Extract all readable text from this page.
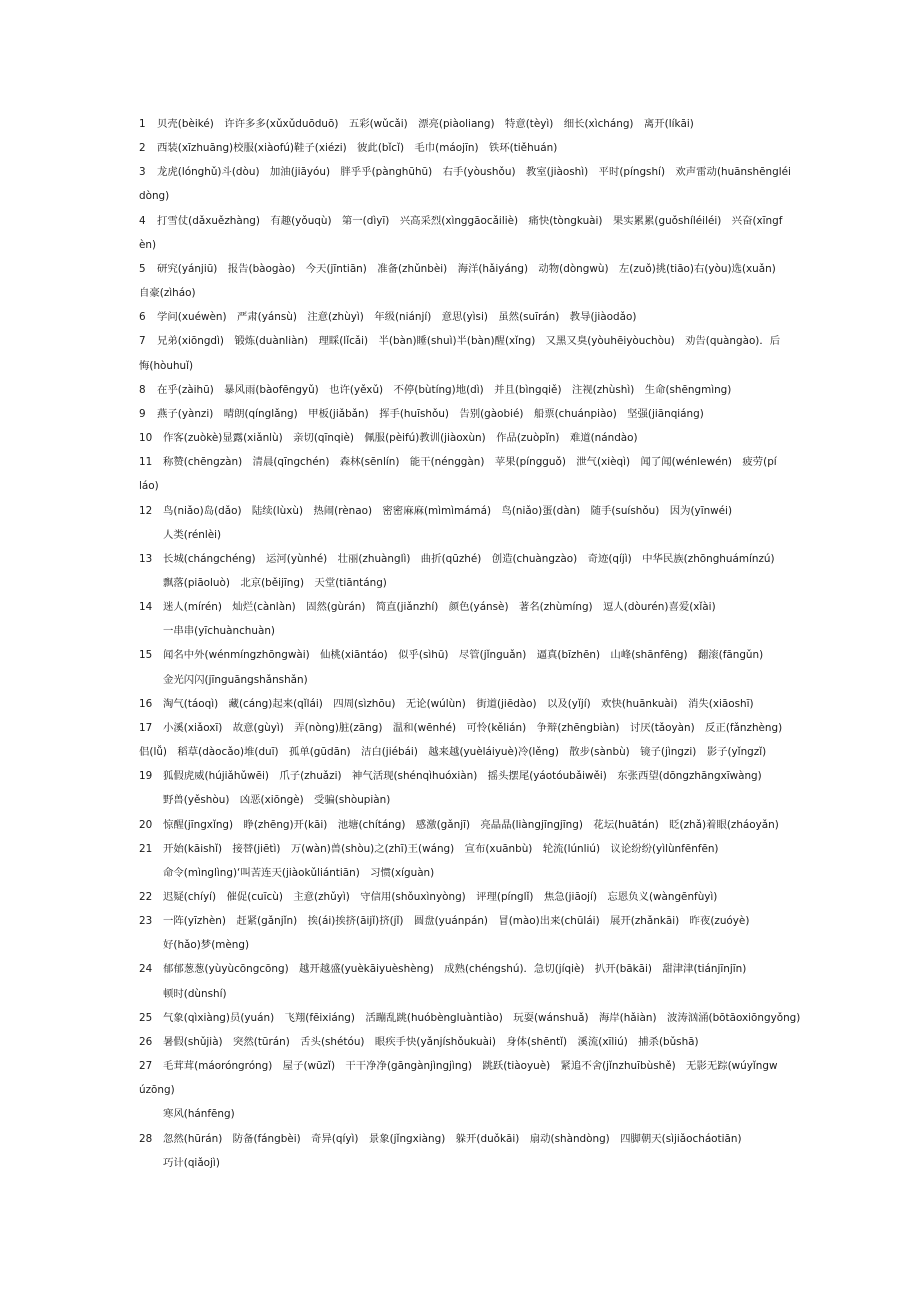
1 贝壳(bèiké)　许许多多(xǔxǔduōduō)　五彩(wǔcǎi)　漂亮(piàoliang)　特意(tèyì)　细长(xìcháng)　离开(líkāi)
2 西装(xīzhuāng)校服(xiàofú)鞋子(xiézi)　彼此(bǐcǐ)　毛巾(máojīn)　铁环(tiěhuán)
3 龙虎(lónghǔ)斗(dòu)　加油(jiāyóu)　胖乎乎(pànghūhū)　右手(yòushǒu)　教室(jiàoshì)　平时(píngshí)　欢声雷动(huānshēngléi
dòng)
4 打雪仗(dǎxuězhàng)　有趣(yǒuqù)　第一(dìyī)　兴高采烈(xìnggāocǎiliè)　痛快(tòngkuài)　果实累累(guǒshíléiléi)　兴奋(xīngf
èn)
5 研究(yánjiū)　报告(bàogào)　今天(jīntiān)　准备(zhǔnbèi)　海洋(hǎiyáng)　动物(dòngwù)　左(zuǒ)挑(tiāo)右(yòu)选(xuǎn)
自豪(zìháo)
6 学问(xuéwèn)　严肃(yánsù)　注意(zhùyì)　年级(niánjí)　意思(yìsi)　虽然(suīrán)　教导(jiàodǎo)
7 兄弟(xiōngdì)　锻炼(duànliàn)　理睬(lǐcǎi)　半(bàn)睡(shuì)半(bàn)醒(xǐng)　又黑又臭(yòuhēiyòuchòu)　劝告(quàngào)．后
悔(hòuhuǐ)
8 在乎(zàihū)　暴风雨(bàofēngyǔ)　也许(yěxǔ)　不停(bùtíng)地(dì)　并且(bìngqiě)　注视(zhùshì)　生命(shēngmìng)
9 燕子(yànzi)　晴朗(qínglǎng)　甲板(jiǎbǎn)　挥手(huīshǒu)　告别(gàobié)　船票(chuánpiào)　坚强(jiānqiáng)
10 作客(zuòkè)显露(xiǎnlù)　亲切(qīnqiè)　佩服(pèifú)教训(jiàoxùn)　作品(zuòpǐn)　难道(nándào)
11 称赞(chēngzàn)　清晨(qīngchén)　森林(sēnlín)　能干(nénggàn)　苹果(píngguǒ)　泄气(xièqì)　闻了闻(wénlewén)　疲劳(pí
láo)
12 鸟(niǎo)岛(dǎo)　陆续(lùxù)　热闹(rènao)　密密麻麻(mìmìmámá)　鸟(niǎo)蛋(dàn)　随手(suíshǒu)　因为(yīnwéi)
人类(rénlèi)
13 长城(chángchéng)　运河(yùnhé)　壮丽(zhuànglì)　曲折(qūzhé)　创造(chuàngzào)　奇迹(qíjì)　中华民族(zhōnghuámínzú)
飘落(piāoluò)　北京(běijīng)　天堂(tiāntáng)
14 迷人(mírén)　灿烂(cànlàn)　固然(gùrán)　简直(jiǎnzhí)　颜色(yánsè)　著名(zhùmíng)　逗人(dòurén)喜爱(xǐài)
一串串(yīchuànchuàn)
15 闻名中外(wénmíngzhōngwài)　仙桃(xiāntáo)　似乎(sìhū)　尽管(jǐnguǎn)　逼真(bīzhēn)　山峰(shānfēng)　翻滚(fāngǔn)
金光闪闪(jīnguāngshǎnshǎn)
16 淘气(táoqì)　藏(cáng)起来(qǐlái)　四周(sìzhōu)　无论(wúlùn)　街道(jiēdào)　以及(yǐjí)　欢快(huānkuài)　消失(xiāoshī)
17 小溪(xiǎoxī)　故意(gùyì)　弄(nòng)脏(zāng)　温和(wēnhé)　可怜(kělián)　争辩(zhēngbiàn)　讨厌(tǎoyàn)　反正(fǎnzhèng)
侣(lǚ)　稻草(dàocǎo)堆(duī)　孤单(gūdān)　洁白(jiébái)　越来越(yuèláiyuè)冷(lěng)　散步(sànbù)　镜子(jìngzi)　影子(yǐngzǐ)
19 狐假虎威(hújiǎhǔwēi)　爪子(zhuǎzi)　神气活现(shénqìhuóxiàn)　摇头摆尾(yáotóubǎiwěi)　东张西望(dōngzhāngxīwàng)
野兽(yěshòu)　凶恶(xiōngè)　受骗(shòupiàn)
20 惊醒(jīngxǐng)　睁(zhēng)开(kāi)　池塘(chítáng)　感激(gǎnjī)　亮晶晶(liàngjīngjīng)　花坛(huātán)　眨(zhǎ)着眼(zháoyǎn)
21 开始(kāishǐ)　接替(jiētì)　万(wàn)兽(shòu)之(zhī)王(wáng)　宣布(xuānbù)　轮流(lúnliú)　议论纷纷(yìlùnfēnfēn)
命令(mìnglìng)‘叫苦连天(jiàokǔliántiān)　习惯(xíguàn)
22 迟疑(chíyí)　催促(cuīcù)　主意(zhǔyì)　守信用(shǒuxìnyòng)　评理(pínglǐ)　焦急(jiāojí)　忘恩负义(wàngēnfùyì)
23 一阵(yīzhèn)　赶紧(gǎnjǐn)　挨(ái)挨挤(āijǐ)挤(jǐ)　圆盘(yuánpán)　冒(mào)出来(chūlái)　展开(zhǎnkāi)　昨夜(zuóyè)
好(hǎo)梦(mèng)
24 郁郁葱葱(yùyùcōngcōng)　越开越盛(yuèkāiyuèshèng)　成熟(chéngshú)．急切(jíqiè)　扒开(bākāi)　甜津津(tiánjīnjīn)
顿时(dùnshí)
25 气象(qìxiàng)员(yuán)　飞翔(fēixiáng)　活蹦乱跳(huóbèngluàntiào)　玩耍(wánshuǎ)　海岸(hǎiàn)　波涛汹涌(bōtāoxiōngyǒng)
26 暑假(shǔjià)　突然(tūrán)　舌头(shétóu)　眼疾手快(yǎnjíshǒukuài)　身体(shēntǐ)　溪流(xīliú)　捕杀(bǔshā)
27 毛茸茸(máoróngróng)　屋子(wūzǐ)　干干净净(gāngànjìngjìng)　跳跃(tiàoyuè)　紧追不舍(jǐnzhuībùshě)　无影无踪(wúyǐngw
úzōng)
寒风(hánfēng)
28 忽然(hūrán)　防备(fángbèi)　奇异(qíyì)　景象(jǐngxiàng)　躲开(duǒkāi)　扇动(shàndòng)　四脚朝天(sìjiǎocháotiān)
巧计(qiǎojì)
